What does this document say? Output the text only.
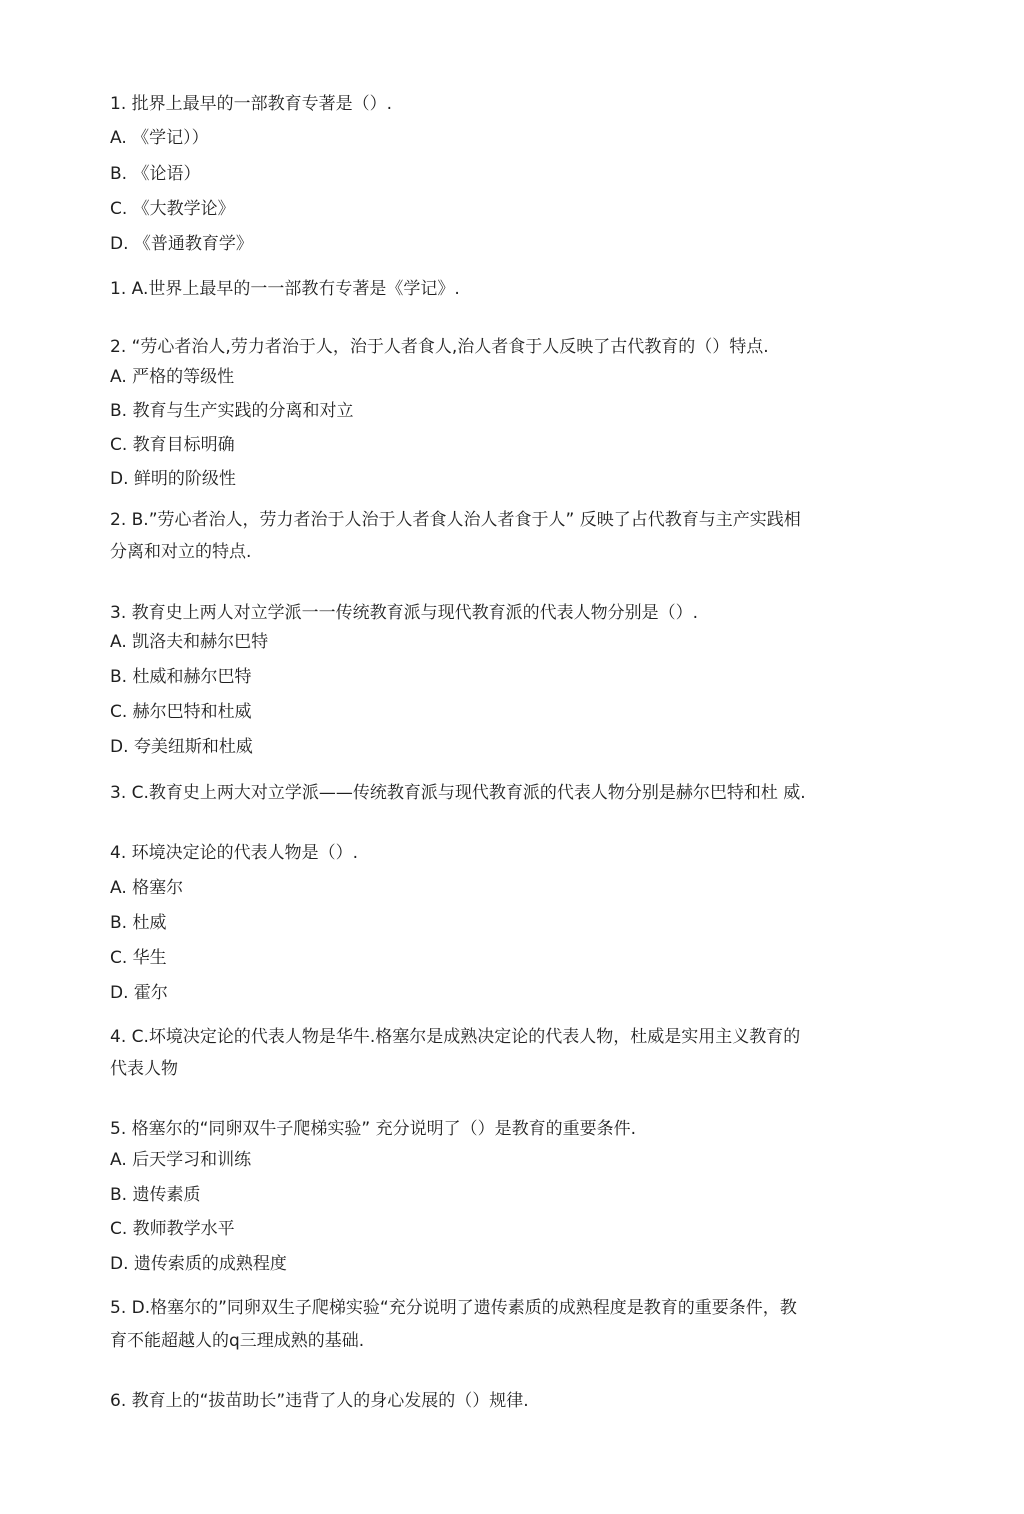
1. 批界上最早的一部教育专著是（）.
A. 《学记））
B. 《论语）
C. 《大教学论》
D. 《普通教育学》
1. A.世界上最早的一一部教冇专著是《学记》.
2. “劳心者治人,劳力者治于人，治于人者食人,治人者食于人反映了古代教育的（）特点.
A. 严格的等级性
B. 教育与生产实践的分离和对立
C. 教育目标明确
D. 鲜明的阶级性
2. B.”劳心者治人，劳力者治于人治于人者食人治人者食于人” 反映了占代教育与主产实践相
分离和对立的特点.
3. 教育史上两人对立学派一一传统教育派与现代教育派的代表人物分别是（）.
A. 凯洛夫和赫尔巴特
B. 杜威和赫尔巴特
C. 赫尔巴特和杜威
D. 夸美纽斯和杜威
3. C.教育史上两大对立学派——传统教育派与现代教育派的代表人物分别是赫尔巴特和杜 威.
4. 环境决定论的代表人物是（）.
A. 格塞尔
B. 杜威
C. 华生
D. 霍尔
4. C.坏境决定论的代表人物是华牛.格塞尔是成熟决定论的代表人物，杜威是实用主义教育的
代表人物
5. 格塞尔的“同卵双牛子爬梯实验” 充分说明了（）是教育的重要条件.
A. 后天学习和训练
B. 遗传素质
C. 教师教学水平
D. 遗传索质的成熟程度
5. D.格塞尔的”同卵双生子爬梯实验“充分说明了遗传素质的成熟程度是教育的重要条件，教
育不能超越人的q三理成熟的基础.
6. 教育上的“拔苗助长”违背了人的身心发展的（）规律.
